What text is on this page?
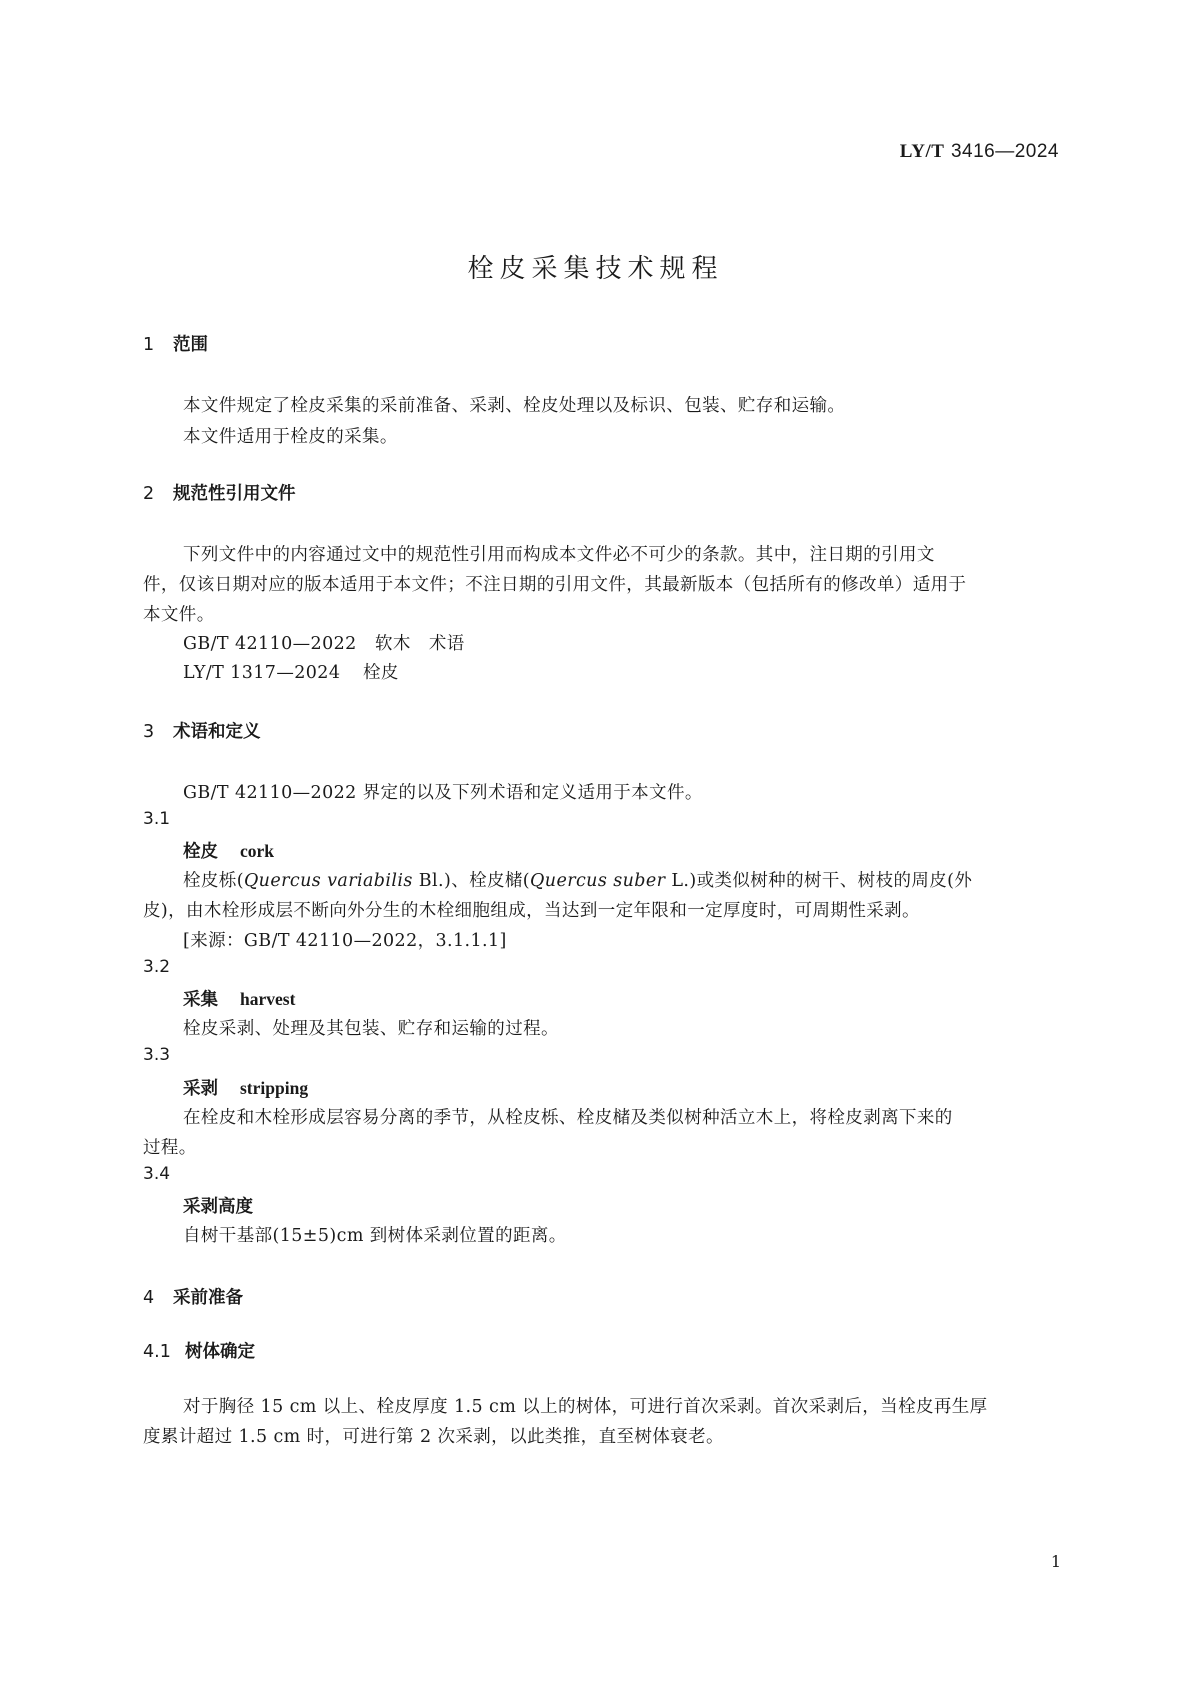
LY/T 3416—2024
栓皮采集技术规程
1 范围
本文件规定了栓皮采集的采前准备、采剥、栓皮处理以及标识、包装、贮存和运输。
本文件适用于栓皮的采集。
2 规范性引用文件
下列文件中的内容通过文中的规范性引用而构成本文件必不可少的条款。其中，注日期的引用文
件，仅该日期对应的版本适用于本文件；不注日期的引用文件，其最新版本（包括所有的修改单）适用于
本文件。
GB/T 42110—2022 软木 术语
LY/T 1317—2024 栓皮
3 术语和定义
GB/T 42110—2022 界定的以及下列术语和定义适用于本文件。
3.1
栓皮 cork
栓皮栎(Quercus variabilis Bl.)、栓皮槠(Quercus suber L.)或类似树种的树干、树枝的周皮(外
皮)，由木栓形成层不断向外分生的木栓细胞组成，当达到一定年限和一定厚度时，可周期性采剥。
[来源：GB/T 42110—2022，3.1.1.1]
3.2
采集 harvest
栓皮采剥、处理及其包装、贮存和运输的过程。
3.3
采剥 stripping
在栓皮和木栓形成层容易分离的季节，从栓皮栎、栓皮槠及类似树种活立木上，将栓皮剥离下来的
过程。
3.4
采剥高度
自树干基部(15±5)cm 到树体采剥位置的距离。
4 采前准备
4.1 树体确定
对于胸径 15 cm 以上、栓皮厚度 1.5 cm 以上的树体，可进行首次采剥。首次采剥后，当栓皮再生厚
度累计超过 1.5 cm 时，可进行第 2 次采剥，以此类推，直至树体衰老。
1
